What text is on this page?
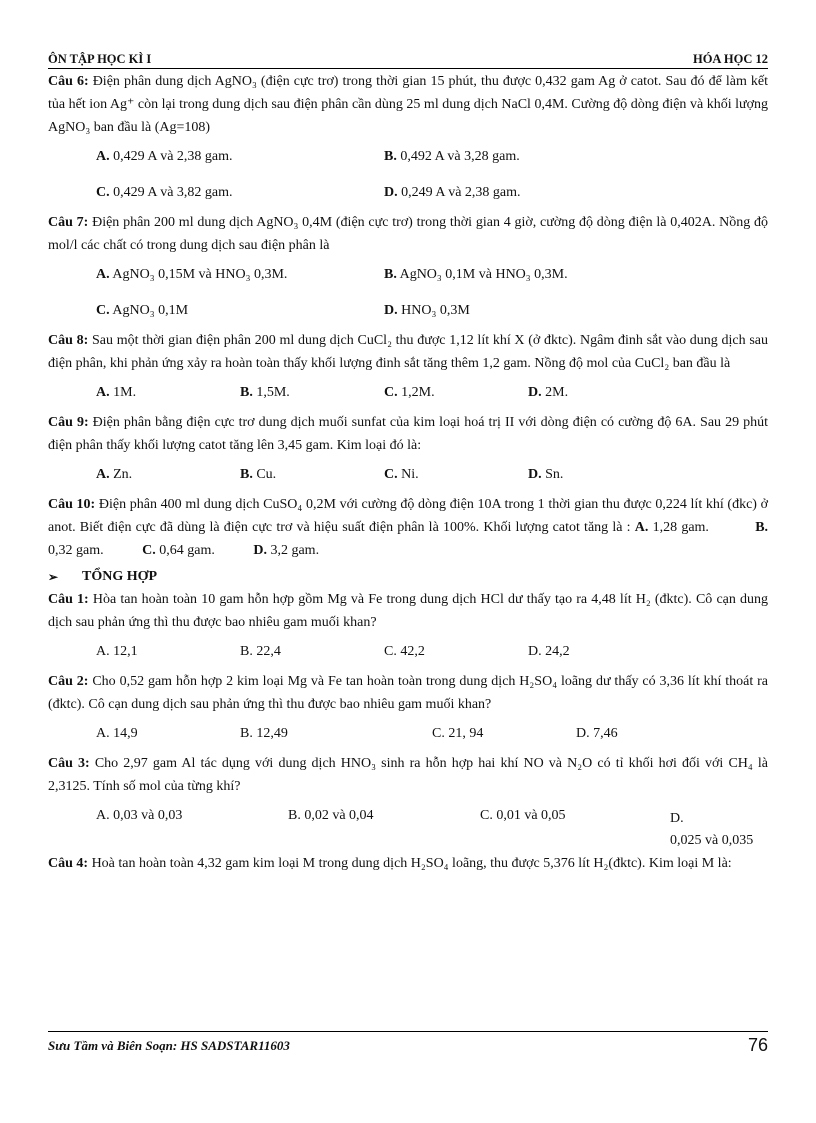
ÔN TẬP HỌC KÌ I	HÓA HỌC 12
Câu 6: Điện phân dung dịch AgNO₃ (điện cực trơ) trong thời gian 15 phút, thu được 0,432 gam Ag ở catot. Sau đó để làm kết tủa hết ion Ag⁺ còn lại trong dung dịch sau điện phân cần dùng 25 ml dung dịch NaCl 0,4M. Cường độ dòng điện và khối lượng AgNO₃ ban đầu là (Ag=108)
A. 0,429 A và 2,38 gam.	B. 0,492 A và 3,28 gam.
C. 0,429 A và 3,82 gam.	D. 0,249 A và 2,38 gam.
Câu 7: Điện phân 200 ml dung dịch AgNO₃ 0,4M (điện cực trơ) trong thời gian 4 giờ, cường độ dòng điện là 0,402A. Nồng độ mol/l các chất có trong dung dịch sau điện phân là
A. AgNO₃ 0,15M và HNO₃ 0,3M.	B. AgNO₃ 0,1M và HNO₃ 0,3M.
C. AgNO₃ 0,1M	D. HNO₃ 0,3M
Câu 8: Sau một thời gian điện phân 200 ml dung dịch CuCl₂ thu được 1,12 lít khí X (ở đktc). Ngâm đinh sắt vào dung dịch sau điện phân, khi phản ứng xảy ra hoàn toàn thấy khối lượng đinh sắt tăng thêm 1,2 gam. Nồng độ mol của CuCl₂ ban đầu là
A. 1M.	B. 1,5M.	C. 1,2M.	D. 2M.
Câu 9: Điện phân bằng điện cực trơ dung dịch muối sunfat của kim loại hoá trị II với dòng điện có cường độ 6A. Sau 29 phút điện phân thấy khối lượng catot tăng lên 3,45 gam. Kim loại đó là:
A. Zn.	B. Cu.	C. Ni.	D. Sn.
Câu 10: Điện phân 400 ml dung dịch CuSO₄ 0,2M với cường độ dòng điện 10A trong 1 thời gian thu được 0,224 lít khí (đkc) ở anot. Biết điện cực đã dùng là điện cực trơ và hiệu suất điện phân là 100%. Khối lượng catot tăng là : A. 1,28 gam.	B. 0,32 gam.	C. 0,64 gam.	D. 3,2 gam.
➢ TỔNG HỢP
Câu 1: Hòa tan hoàn toàn 10 gam hỗn hợp gồm Mg và Fe trong dung dịch HCl dư thấy tạo ra 4,48 lít H₂ (đktc). Cô cạn dung dịch sau phản ứng thì thu được bao nhiêu gam muối khan?
A. 12,1	B. 22,4	C. 42,2	D. 24,2
Câu 2: Cho 0,52 gam hỗn hợp 2 kim loại Mg và Fe tan hoàn toàn trong dung dịch H₂SO₄ loãng dư thấy có 3,36 lít khí thoát ra (đktc). Cô cạn dung dịch sau phản ứng thì thu được bao nhiêu gam muối khan?
A. 14,9	B. 12,49	C. 21, 94	D. 7,46
Câu 3: Cho 2,97 gam Al tác dụng với dung dịch HNO₃ sinh ra hỗn hợp hai khí NO và N₂O có tỉ khối hơi đối với CH₄ là 2,3125. Tính số mol của từng khí?
A. 0,03 và 0,03	B. 0,02 và 0,04	C. 0,01 và 0,05	D. 0,025 và 0,035
Câu 4: Hoà tan hoàn toàn 4,32 gam kim loại M trong dung dịch H₂SO₄ loãng, thu được 5,376 lít H₂(đktc). Kim loại M là:
Sưu Tầm và Biên Soạn: HS SADSTAR11603	76
